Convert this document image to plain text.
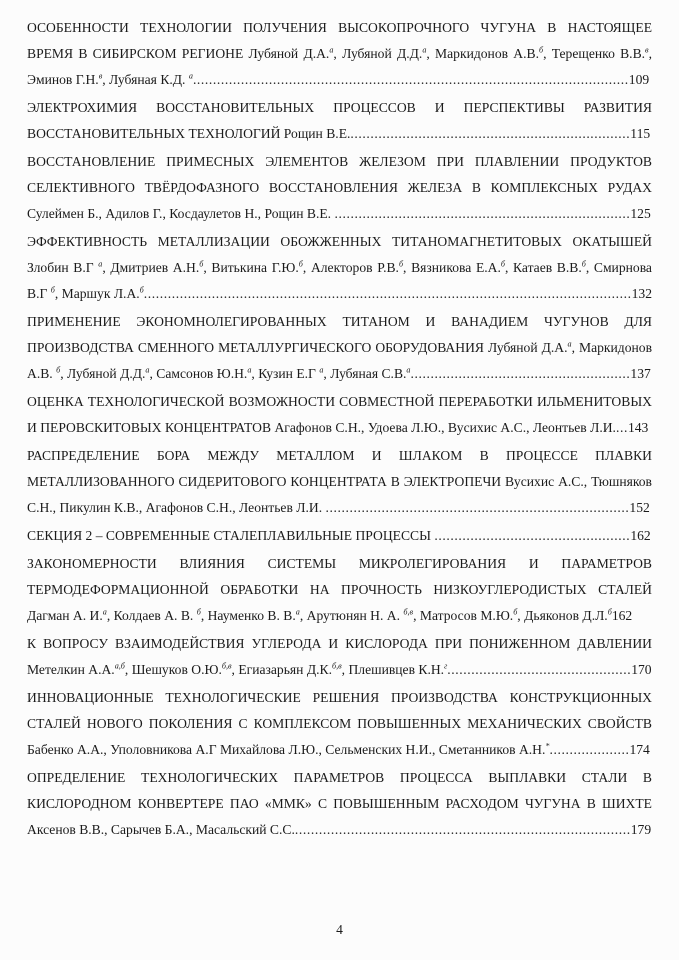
ОСОБЕННОСТИ ТЕХНОЛОГИИ ПОЛУЧЕНИЯ ВЫСОКОПРОЧНОГО ЧУГУНА В НАСТОЯЩЕЕ ВРЕМЯ В СИБИРСКОМ РЕГИОНЕ Лубяной Д.А.$^а$, Лубяной Д.Д.$^а$, Маркидонов А.В.$^б$, Терещенко В.В.$^в$, Эминов Г.Н.$^в$, Лубяная К.Д. $^а$.............................................................................................................109

ЭЛЕКТРОХИМИЯ ВОССТАНОВИТЕЛЬНЫХ ПРОЦЕССОВ И ПЕРСПЕКТИВЫ РАЗВИТИЯ ВОССТАНОВИТЕЛЬНЫХ ТЕХНОЛОГИЙ Рощин В.Е.......................................................................115

ВОССТАНОВЛЕНИЕ ПРИМЕСНЫХ ЭЛЕМЕНТОВ ЖЕЛЕЗОМ ПРИ ПЛАВЛЕНИИ ПРОДУКТОВ СЕЛЕКТИВНОГО ТВЁРДОФАЗНОГО ВОССТАНОВЛЕНИЯ ЖЕЛЕЗА В КОМПЛЕКСНЫХ РУДАХ Сулеймен Б., Адилов Г., Косдаулетов Н., Рощин В.Е. ..........................................................................125

ЭФФЕКТИВНОСТЬ МЕТАЛЛИЗАЦИИ ОБОЖЖЕННЫХ ТИТАНОМАГНЕТИТОВЫХ ОКАТЫШЕЙ Злобин В.Г $^а$, Дмитриев А.Н.$^б$, Витькина Г.Ю.$^б$, Алекторов Р.В.$^б$, Вязникова Е.А.$^б$, Катаев В.В.$^б$, Смирнова В.Г $^б$, Маршук Л.А.$^б$..........................................................................................................................132

ПРИМЕНЕНИЕ ЭКОНОМНОЛЕГИРОВАННЫХ ТИТАНОМ И ВАНАДИЕМ ЧУГУНОВ ДЛЯ ПРОИЗВОДСТВА СМЕННОГО МЕТАЛЛУРГИЧЕСКОГО ОБОРУДОВАНИЯ Лубяной Д.А.$^а$, Маркидонов А.В. $^б$, Лубяной Д.Д.$^а$, Самсонов Ю.Н.$^а$, Кузин Е.Г $^а$, Лубяная С.В.$^а$.......................................................137

ОЦЕНКА ТЕХНОЛОГИЧЕСКОЙ ВОЗМОЖНОСТИ СОВМЕСТНОЙ ПЕРЕРАБОТКИ ИЛЬМЕНИТОВЫХ И ПЕРОВСКИТОВЫХ КОНЦЕНТРАТОВ Агафонов С.Н., Удоева Л.Ю., Вусихис А.С., Леонтьев Л.И....143

РАСПРЕДЕЛЕНИЕ БОРА МЕЖДУ МЕТАЛЛОМ И ШЛАКОМ В ПРОЦЕССЕ ПЛАВКИ МЕТАЛЛИЗОВАННОГО СИДЕРИТОВОГО КОНЦЕНТРАТА В ЭЛЕКТРОПЕЧИ Вусихис А.С., Тюшняков С.Н., Пикулин К.В., Агафонов С.Н., Леонтьев Л.И. ............................................................................152

СЕКЦИЯ 2 – СОВРЕМЕННЫЕ СТАЛЕПЛАВИЛЬНЫЕ ПРОЦЕССЫ .................................................162

ЗАКОНОМЕРНОСТИ ВЛИЯНИЯ СИСТЕМЫ МИКРОЛЕГИРОВАНИЯ И ПАРАМЕТРОВ ТЕРМОДЕФОРМАЦИОННОЙ ОБРАБОТКИ НА ПРОЧНОСТЬ НИЗКОУГЛЕРОДИСТЫХ СТАЛЕЙ Дагман А. И.$^а$, Колдаев А. В. $^б$, Науменко В. В.$^а$, Арутюнян Н. А. $^{б,в}$, Матросов М.Ю.$^б$, Дьяконов Д.Л.$^б$162

К ВОПРОСУ ВЗАИМОДЕЙСТВИЯ УГЛЕРОДА И КИСЛОРОДА ПРИ ПОНИЖЕННОМ ДАВЛЕНИИ Метелкин А.А.$^{а,б}$, Шешуков О.Ю.$^{б,в}$, Егиазарьян Д.К.$^{б,в}$, Плешивцев К.Н.$^г$..............................................170

ИННОВАЦИОННЫЕ ТЕХНОЛОГИЧЕСКИЕ РЕШЕНИЯ ПРОИЗВОДСТВА КОНСТРУКЦИОННЫХ СТАЛЕЙ НОВОГО ПОКОЛЕНИЯ С КОМПЛЕКСОМ ПОВЫШЕННЫХ МЕХАНИЧЕСКИХ СВОЙСТВ Бабенко А.А., Уполовникова А.Г Михайлова Л.Ю., Сельменских Н.И., Сметанников А.Н.*....................174

ОПРЕДЕЛЕНИЕ ТЕХНОЛОГИЧЕСКИХ ПАРАМЕТРОВ ПРОЦЕССА ВЫПЛАВКИ СТАЛИ В КИСЛОРОДНОМ КОНВЕРТЕРЕ ПАО «ММК» С ПОВЫШЕННЫМ РАСХОДОМ ЧУГУНА В ШИХТЕ Аксенов В.В., Сарычев Б.А., Масальский С.С.....................................................................................179

4
